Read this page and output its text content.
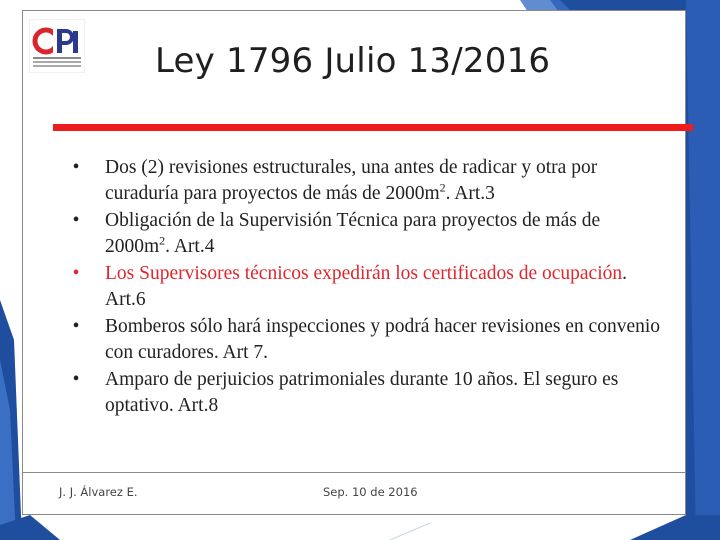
Ley 1796 Julio 13/2016
• Dos (2) revisiones estructurales, una antes de radicar y otra por curaduría para proyectos de más de $2000m^2$. Art.3
• Obligación de la Supervisión Técnica para proyectos de más de $2000m^2$. Art.4
• Los Supervisores técnicos expedirán los certificados de ocupación. Art.6
• Bomberos sólo hará inspecciones y podrá hacer revisiones en convenio con curadores. Art 7.
• Amparo de perjuicios patrimoniales durante 10 años. El seguro es optativo. Art.8
J. J. Álvarez E.	Sep. 10 de 2016
